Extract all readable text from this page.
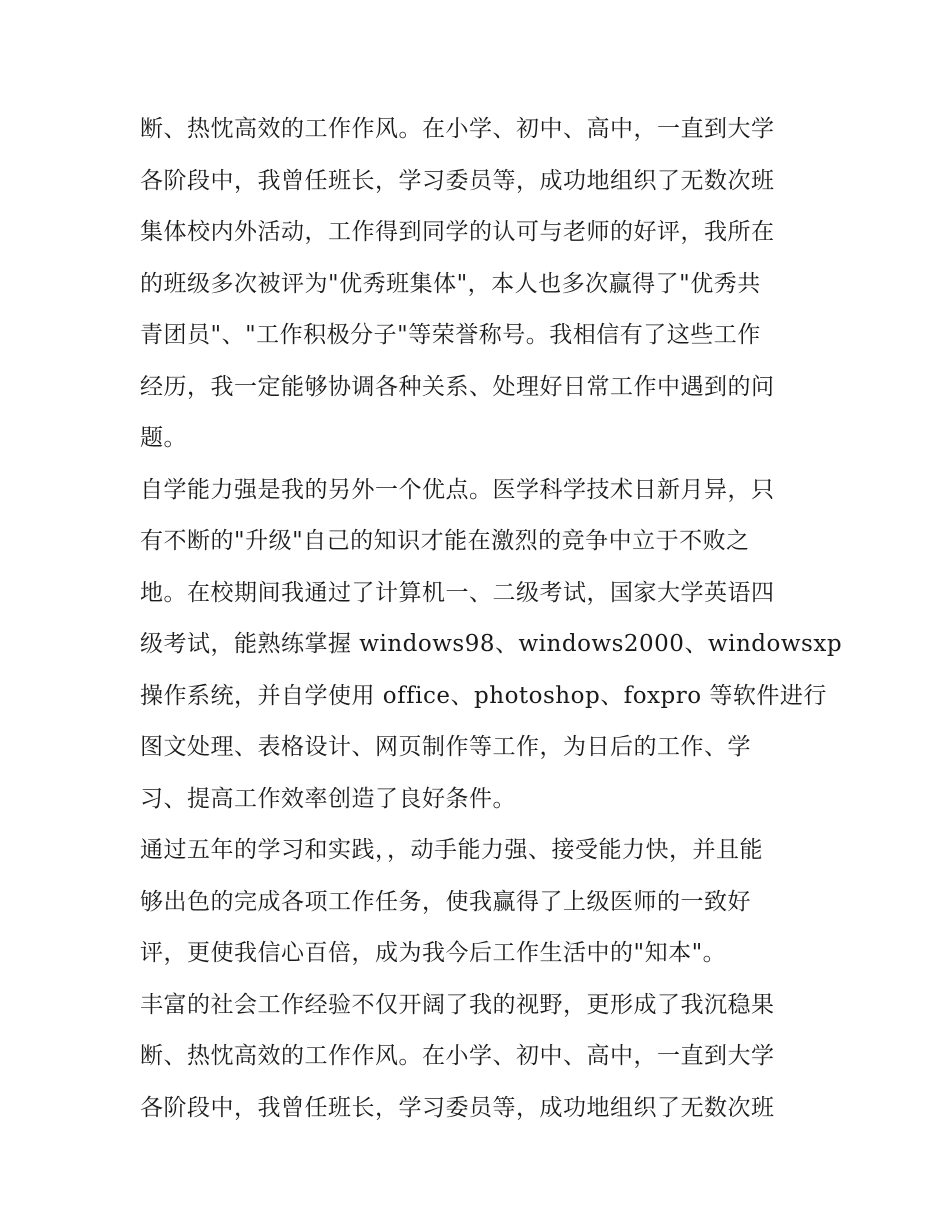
断、热忱高效的工作作风。在小学、初中、高中，一直到大学
各阶段中，我曾任班长，学习委员等，成功地组织了无数次班
集体校内外活动，工作得到同学的认可与老师的好评，我所在
的班级多次被评为"优秀班集体"，本人也多次赢得了"优秀共
青团员"、"工作积极分子"等荣誉称号。我相信有了这些工作
经历，我一定能够协调各种关系、处理好日常工作中遇到的问
题。
自学能力强是我的另外一个优点。医学科学技术日新月异，只
有不断的"升级"自己的知识才能在激烈的竞争中立于不败之
地。在校期间我通过了计算机一、二级考试，国家大学英语四
级考试，能熟练掌握 windows98、windows2000、windowsxp
操作系统，并自学使用 office、photoshop、foxpro 等软件进行
图文处理、表格设计、网页制作等工作，为日后的工作、学
习、提高工作效率创造了良好条件。
通过五年的学习和实践，，动手能力强、接受能力快，并且能
够出色的完成各项工作任务，使我赢得了上级医师的一致好
评，更使我信心百倍，成为我今后工作生活中的"知本"。
丰富的社会工作经验不仅开阔了我的视野，更形成了我沉稳果
断、热忱高效的工作作风。在小学、初中、高中，一直到大学
各阶段中，我曾任班长，学习委员等，成功地组织了无数次班
